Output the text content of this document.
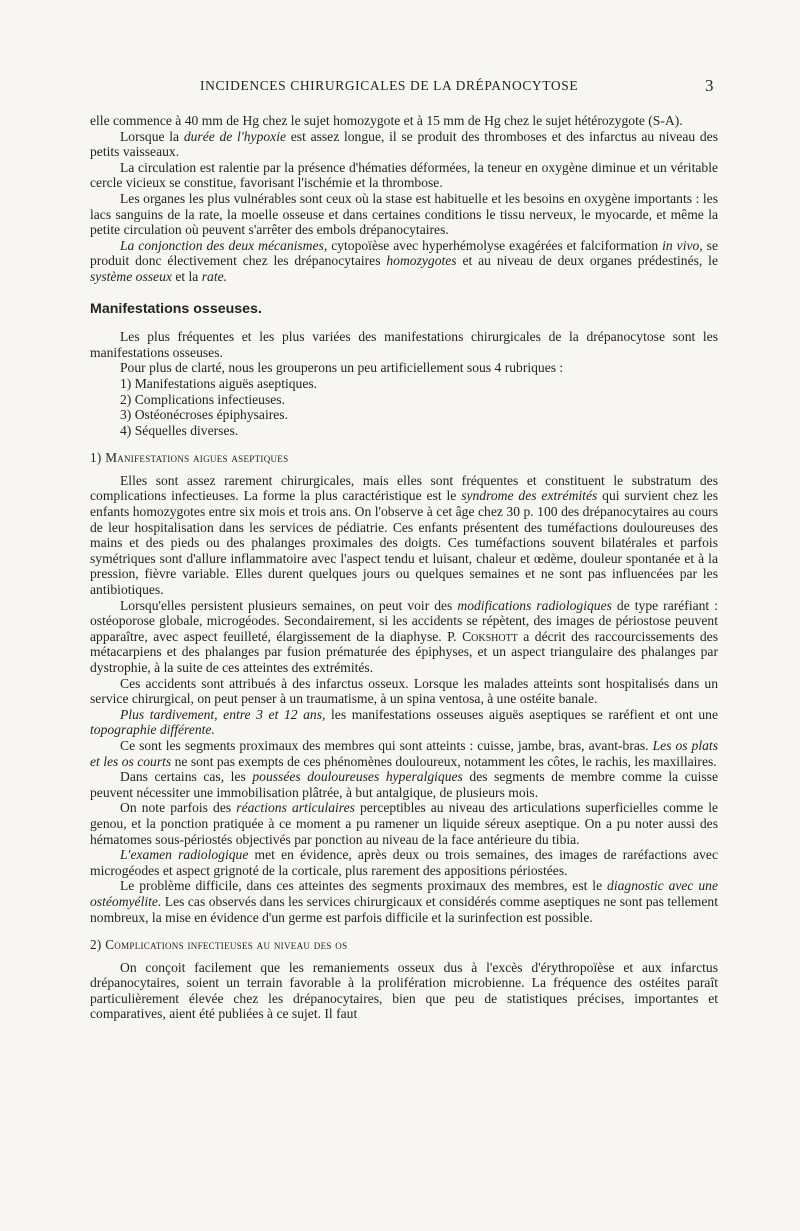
INCIDENCES CHIRURGICALES DE LA DRÉPANOCYTOSE	3

elle commence à 40 mm de Hg chez le sujet homozygote et à 15 mm de Hg chez le sujet hétérozygote (S-A).

Lorsque la durée de l'hypoxie est assez longue, il se produit des thromboses et des infarctus au niveau des petits vaisseaux.

La circulation est ralentie par la présence d'hématies déformées, la teneur en oxygène diminue et un véritable cercle vicieux se constitue, favorisant l'ischémie et la thrombose.

Les organes les plus vulnérables sont ceux où la stase est habituelle et les besoins en oxygène importants : les lacs sanguins de la rate, la moelle osseuse et dans certaines conditions le tissu nerveux, le myocarde, et même la petite circulation où peuvent s'arrêter des embols drépanocytaires.

La conjonction des deux mécanismes, cytopoïèse avec hyperhémolyse exagérées et falciformation in vivo, se produit donc électivement chez les drépanocytaires homozygotes et au niveau de deux organes prédestinés, le système osseux et la rate.

Manifestations osseuses.

Les plus fréquentes et les plus variées des manifestations chirurgicales de la drépanocytose sont les manifestations osseuses.

Pour plus de clarté, nous les grouperons un peu artificiellement sous 4 rubriques :

1) Manifestations aiguës aseptiques.
2) Complications infectieuses.
3) Ostéonécroses épiphysaires.
4) Séquelles diverses.
1) Manifestations aigues aseptiques

Elles sont assez rarement chirurgicales, mais elles sont fréquentes et constituent le substratum des complications infectieuses. La forme la plus caractéristique est le syndrome des extrémités qui survient chez les enfants homozygotes entre six mois et trois ans. On l'observe à cet âge chez 30 p. 100 des drépanocytaires au cours de leur hospitalisation dans les services de pédiatrie. Ces enfants présentent des tuméfactions douloureuses des mains et des pieds ou des phalanges proximales des doigts. Ces tuméfactions souvent bilatérales et parfois symétriques sont d'allure inflammatoire avec l'aspect tendu et luisant, chaleur et œdème, douleur spontanée et à la pression, fièvre variable. Elles durent quelques jours ou quelques semaines et ne sont pas influencées par les antibiotiques.

Lorsqu'elles persistent plusieurs semaines, on peut voir des modifications radiologiques de type raréfiant : ostéoporose globale, microgéodes. Secondairement, si les accidents se répètent, des images de périostose peuvent apparaître, avec aspect feuilleté, élargissement de la diaphyse. P. Cokshott a décrit des raccourcissements des métacarpiens et des phalanges par fusion prématurée des épiphyses, et un aspect triangulaire des phalanges par dystrophie, à la suite de ces atteintes des extrémités.

Ces accidents sont attribués à des infarctus osseux. Lorsque les malades atteints sont hospitalisés dans un service chirurgical, on peut penser à un traumatisme, à un spina ventosa, à une ostéite banale.

Plus tardivement, entre 3 et 12 ans, les manifestations osseuses aiguës aseptiques se raréfient et ont une topographie différente.

Ce sont les segments proximaux des membres qui sont atteints : cuisse, jambe, bras, avant-bras. Les os plats et les os courts ne sont pas exempts de ces phénomènes douloureux, notamment les côtes, le rachis, les maxillaires.

Dans certains cas, les poussées douloureuses hyperalgiques des segments de membre comme la cuisse peuvent nécessiter une immobilisation plâtrée, à but antalgique, de plusieurs mois.

On note parfois des réactions articulaires perceptibles au niveau des articulations superficielles comme le genou, et la ponction pratiquée à ce moment a pu ramener un liquide séreux aseptique. On a pu noter aussi des hématomes sous-périostés objectivés par ponction au niveau de la face antérieure du tibia.

L'examen radiologique met en évidence, après deux ou trois semaines, des images de raréfactions avec microgéodes et aspect grignoté de la corticale, plus rarement des appositions périostées.

Le problème difficile, dans ces atteintes des segments proximaux des membres, est le diagnostic avec une ostéomyélite. Les cas observés dans les services chirurgicaux et considérés comme aseptiques ne sont pas tellement nombreux, la mise en évidence d'un germe est parfois difficile et la surinfection est possible.

2) Complications infectieuses au niveau des os

On conçoit facilement que les remaniements osseux dus à l'excès d'érythropoïèse et aux infarctus drépanocytaires, soient un terrain favorable à la prolifération microbienne. La fréquence des ostéites paraît particulièrement élevée chez les drépanocytaires, bien que peu de statistiques précises, importantes et comparatives, aient été publiées à ce sujet. Il faut
